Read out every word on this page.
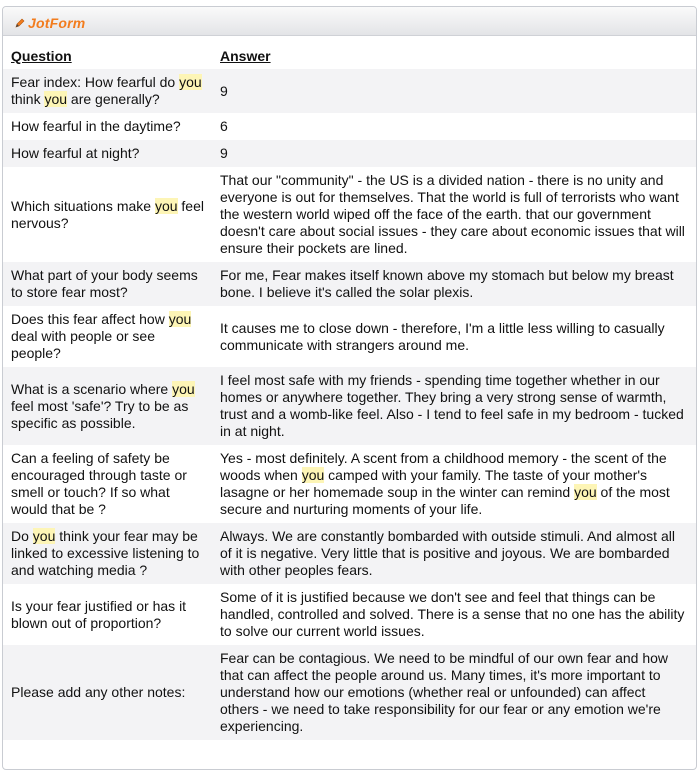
JotForm
Question	Answer
Fear index: How fearful do you think you are generally?	9
How fearful in the daytime?	6
How fearful at night?	9
Which situations make you feel nervous?	That our "community" - the US is a divided nation - there is no unity and everyone is out for themselves. That the world is full of terrorists who want the western world wiped off the face of the earth. that our government doesn't care about social issues - they care about economic issues that will ensure their pockets are lined.
What part of your body seems to store fear most?	For me, Fear makes itself known above my stomach but below my breast bone. I believe it's called the solar plexis.
Does this fear affect how you deal with people or see people?	It causes me to close down - therefore, I'm a little less willing to casually communicate with strangers around me.
What is a scenario where you feel most 'safe'? Try to be as specific as possible.	I feel most safe with my friends - spending time together whether in our homes or anywhere together. They bring a very strong sense of warmth, trust and a womb-like feel. Also - I tend to feel safe in my bedroom - tucked in at night.
Can a feeling of safety be encouraged through taste or smell or touch? If so what would that be ?	Yes - most definitely. A scent from a childhood memory - the scent of the woods when you camped with your family. The taste of your mother's lasagne or her homemade soup in the winter can remind you of the most secure and nurturing moments of your life.
Do you think your fear may be linked to excessive listening to and watching media ?	Always. We are constantly bombarded with outside stimuli. And almost all of it is negative. Very little that is positive and joyous. We are bombarded with other peoples fears.
Is your fear justified or has it blown out of proportion?	Some of it is justified because we don't see and feel that things can be handled, controlled and solved. There is a sense that no one has the ability to solve our current world issues.
Please add any other notes:	Fear can be contagious. We need to be mindful of our own fear and how that can affect the people around us. Many times, it's more important to understand how our emotions (whether real or unfounded) can affect others - we need to take responsibility for our fear or any emotion we're experiencing.
